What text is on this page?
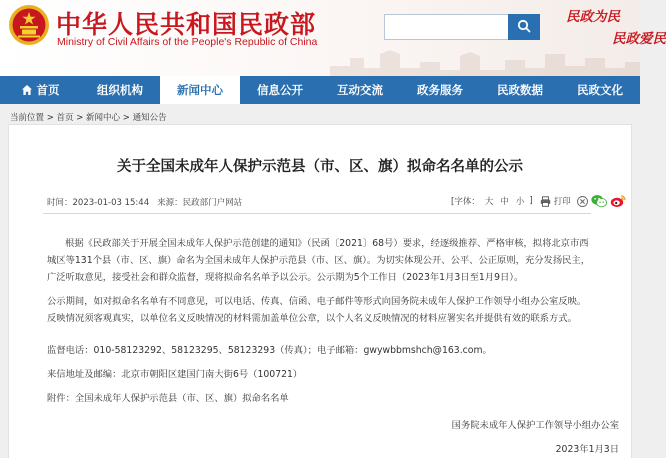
中华人民共和国民政部
Ministry of Civil Affairs of the People's Republic of China
民政为民
民政爱民
首页	组织机构	新闻中心	信息公开	互动交流	政务服务	民政数据	民政文化
当前位置 > 首页 > 新闻中心 > 通知公告
关于全国未成年人保护示范县（市、区、旗）拟命名名单的公示
时间：2023-01-03 15:44 来源：民政部门户网站	[字体： 大 中 小 ] 打印
根据《民政部关于开展全国未成年人保护示范创建的通知》（民函〔2021〕68号）要求，经逐级推荐、严格审核，拟将北京市西城区等131个县（市、区、旗）命名为全国未成年人保护示范县（市、区、旗）。为切实体现公开、公平、公正原则，充分发扬民主，广泛听取意见，接受社会和群众监督，现将拟命名名单予以公示。公示期为5个工作日（2023年1月3日至1月9日）。
公示期间，如对拟命名名单有不同意见，可以电话、传真、信函、电子邮件等形式向国务院未成年人保护工作领导小组办公室反映。反映情况须客观真实，以单位名义反映情况的材料需加盖单位公章，以个人名义反映情况的材料应署实名并提供有效的联系方式。
监督电话：010-58123292、58123295、58123293（传真）；电子邮箱：gwywbbmshch@163.com。
来信地址及邮编：北京市朝阳区建国门南大街6号（100721）
附件：全国未成年人保护示范县（市、区、旗）拟命名名单
国务院未成年人保护工作领导小组办公室
2023年1月3日
